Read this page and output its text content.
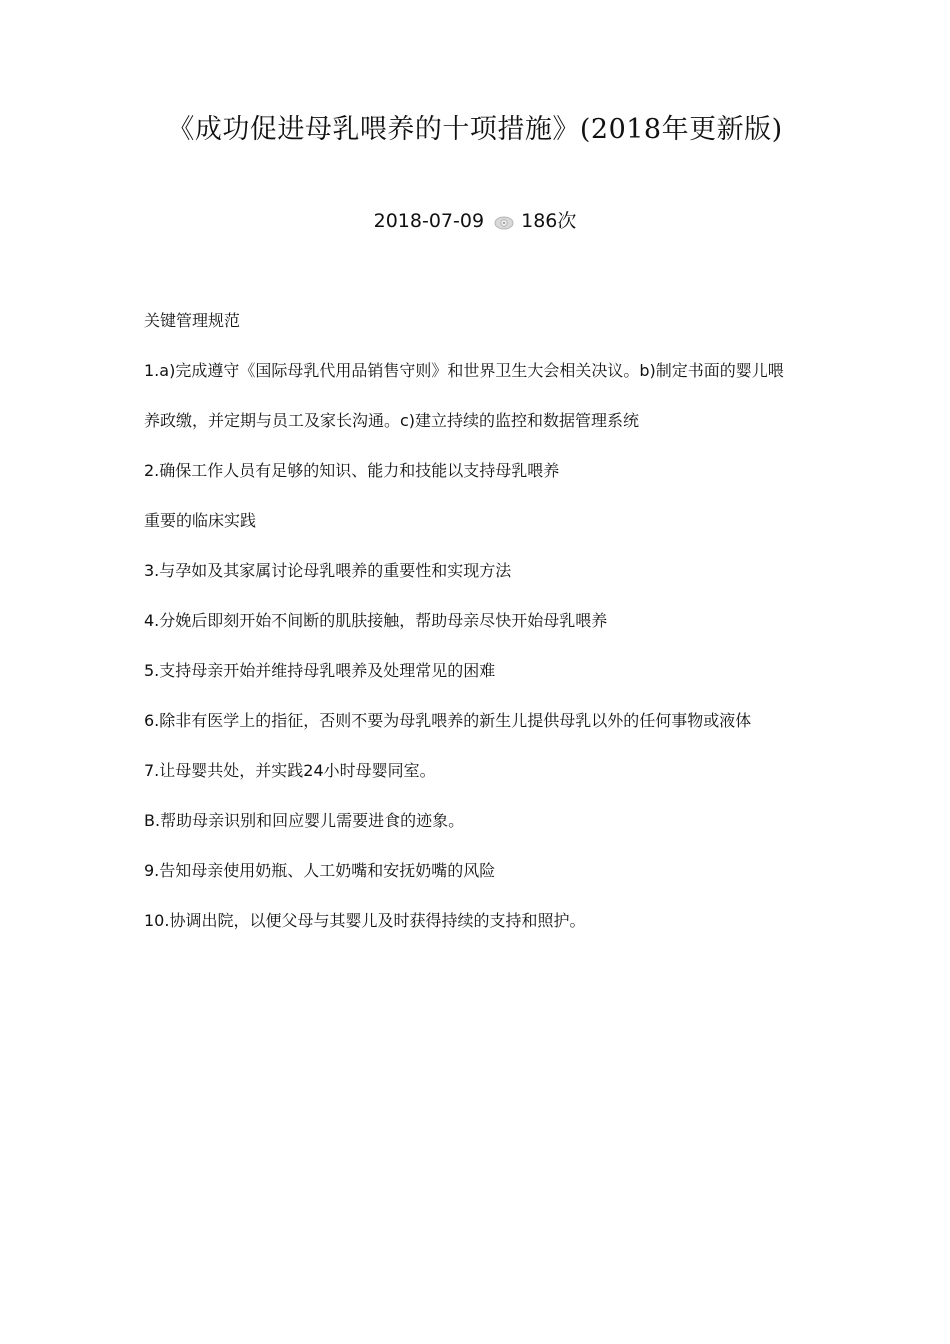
《成功促进母乳喂养的十项措施》(2018年更新版)
2018-07-09 186次

关键管理规范

1.a)完成遵守《国际母乳代用品销售守则》和世界卫生大会相关决议。b)制定书面的婴儿喂

养政缴，并定期与员工及家长沟通。c)建立持续的监控和数据管理系统

2.确保工作人员有足够的知识、能力和技能以支持母乳喂养

重要的临床实践

3.与孕如及其家属讨论母乳喂养的重要性和实现方法

4.分娩后即刻开始不间断的肌肤接触，帮助母亲尽快开始母乳喂养

5.支持母亲开始并维持母乳喂养及处理常见的困难

6.除非有医学上的指征，否则不要为母乳喂养的新生儿提供母乳以外的任何事物或液体

7.让母婴共处，并实践24小时母婴同室。

B.帮助母亲识别和回应婴儿需要进食的迹象。

9.告知母亲使用奶瓶、人工奶嘴和安抚奶嘴的风险

10.协调出院，以便父母与其婴儿及时获得持续的支持和照护。
